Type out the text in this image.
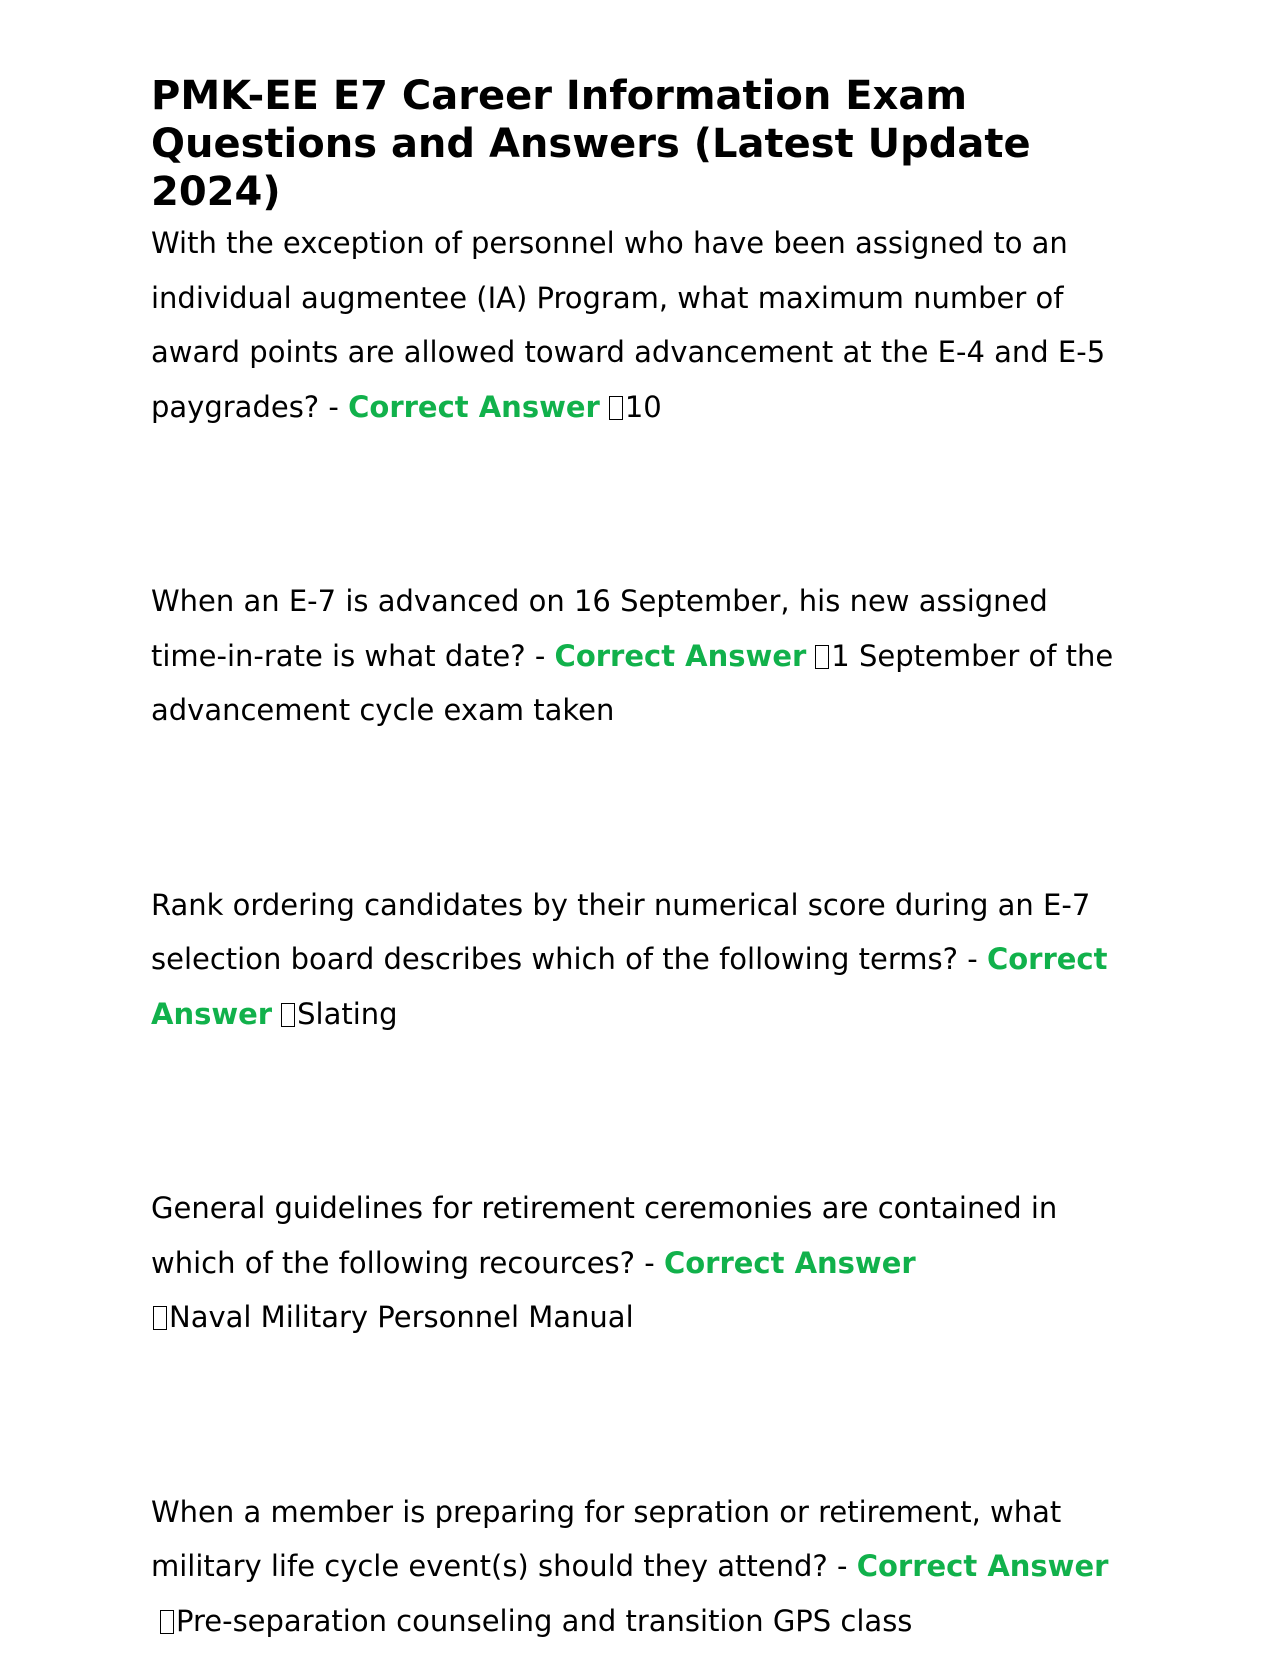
PMK-EE E7 Career Information Exam Questions and Answers (Latest Update 2024)

With the exception of personnel who have been assigned to an individual augmentee (IA) Program, what maximum number of award points are allowed toward advancement at the E-4 and E-5 paygrades? - Correct Answer 10

When an E-7 is advanced on 16 September, his new assigned time-in-rate is what date? - Correct Answer 1 September of the advancement cycle exam taken

Rank ordering candidates by their numerical score during an E-7 selection board describes which of the following terms? - Correct Answer Slating

General guidelines for retirement ceremonies are contained in which of the following recources? - Correct Answer
Naval Military Personnel Manual

When a member is preparing for sepration or retirement, what military life cycle event(s) should they attend? - Correct AnswerPre-separation counseling and transition GPS class
